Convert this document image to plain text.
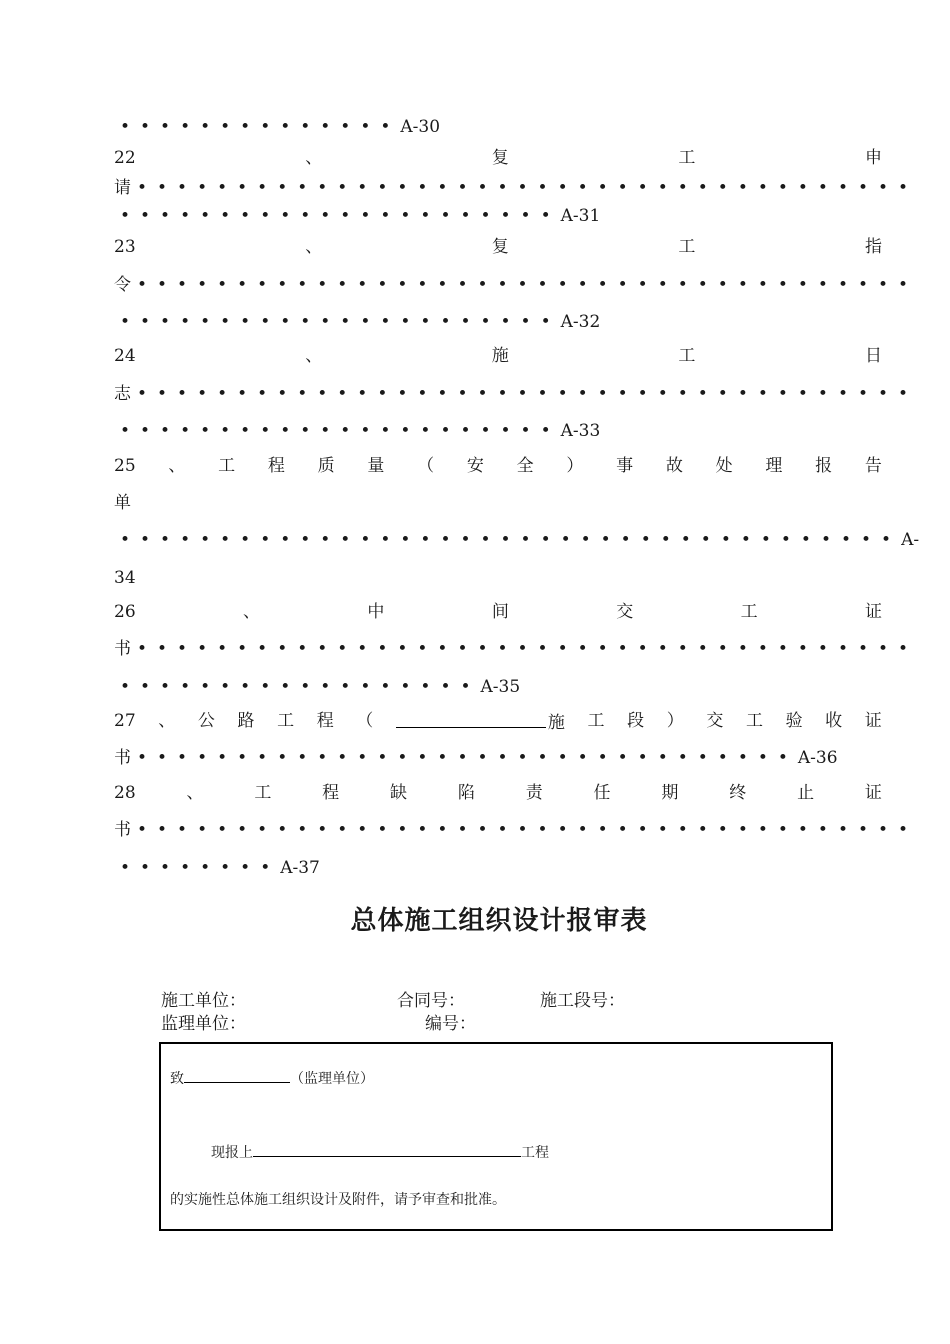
••••••••••••••A-30
22	、	复	工	申
请 •••••••••••••••••••••••••••••••••••••••
••••••••••••••••••••••A-31
23	、	复	工	指
令 •••••••••••••••••••••••••••••••••••••••
••••••••••••••••••••••A-32
24	、	施	工	日
志 •••••••••••••••••••••••••••••••••••••••
••••••••••••••••••••••A-33
25 、 工 程 质 量 （ 安 全 ） 事 故 处 理 报 告
单
•••••••••••••••••••••••••••••••••••••••A-
34
26	、	中	间	交	工	证
书 •••••••••••••••••••••••••••••••••••••••
••••••••••••••••••A-35
27 、 公 路 工 程 （	施 工 段 ） 交 工 验 收 证
书 •••••••••••••••••••••••••••••••••A-36
28	、	工	程	缺	陷	责	任	期	终	止	证
书 •••••••••••••••••••••••••••••••••••••••
••••••••A-37
总体施工组织设计报审表
施工单位：	合同号：	施工段号：
监理单位：	编号：
致	（监理单位）
现报上	工程
的实施性总体施工组织设计及附件，请予审查和批准。
